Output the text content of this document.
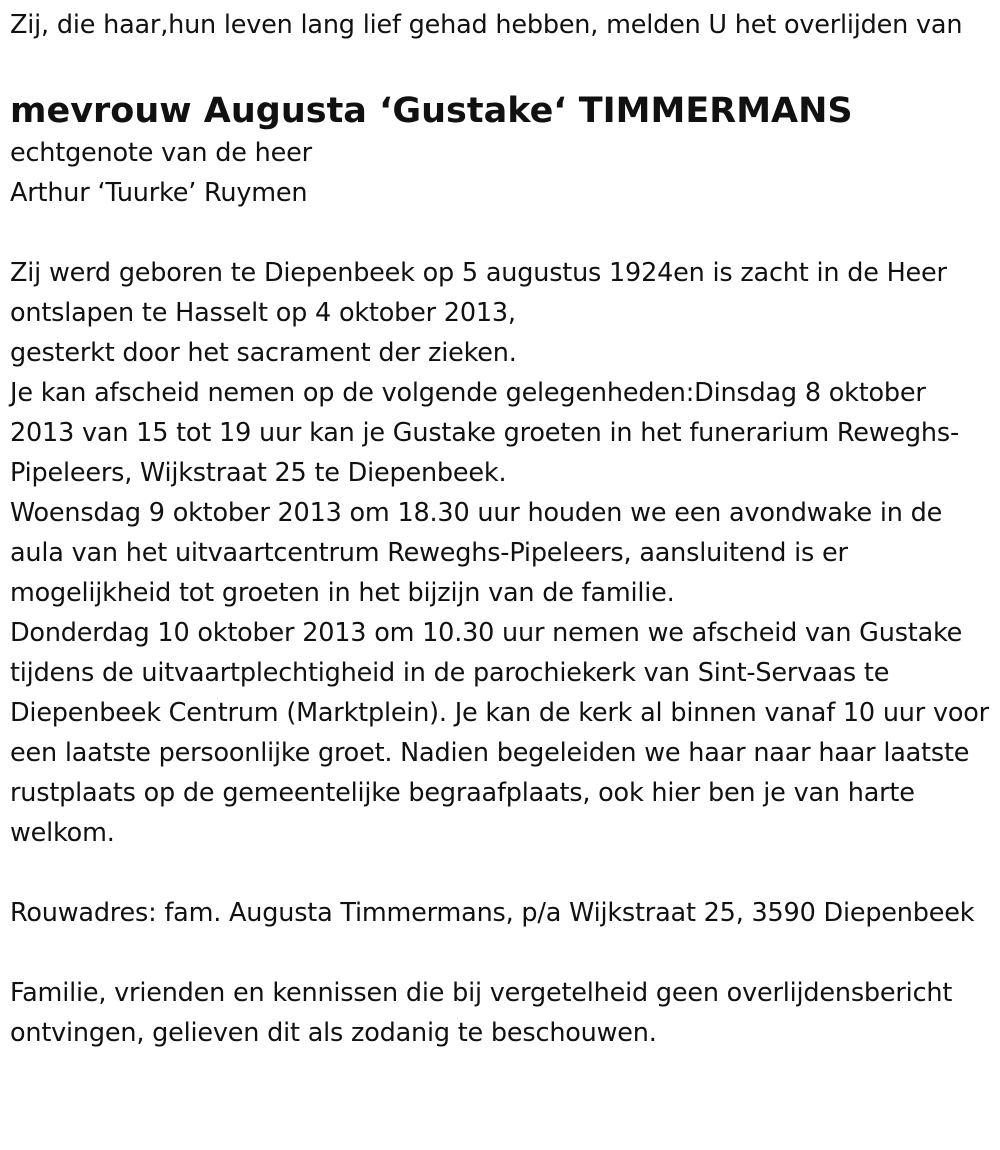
Zij, die haar,hun leven lang lief gehad hebben, melden U het overlijden van

mevrouw Augusta ‘Gustake‘ TIMMERMANS

echtgenote van de heer

Arthur ‘Tuurke’ Ruymen

Zij werd geboren te Diepenbeek op 5 augustus 1924en is zacht in de Heer ontslapen te Hasselt op 4 oktober 2013,

gesterkt door het sacrament der zieken.

Je kan afscheid nemen op de volgende gelegenheden:Dinsdag 8 oktober 2013 van 15 tot 19 uur kan je Gustake groeten in het funerarium Reweghs-Pipeleers, Wijkstraat 25 te Diepenbeek.

Woensdag 9 oktober 2013 om 18.30 uur houden we een avondwake in de aula van het uitvaartcentrum Reweghs-Pipeleers, aansluitend is er mogelijkheid tot groeten in het bijzijn van de familie.

Donderdag 10 oktober 2013 om 10.30 uur nemen we afscheid van Gustake tijdens de uitvaartplechtigheid in de parochiekerk van Sint-Servaas te Diepenbeek Centrum (Marktplein). Je kan de kerk al binnen vanaf 10 uur voor een laatste persoonlijke groet. Nadien begeleiden we haar naar haar laatste rustplaats op de gemeentelijke begraafplaats, ook hier ben je van harte welkom.

Rouwadres: fam. Augusta Timmermans, p/a Wijkstraat 25, 3590 Diepenbeek

Familie, vrienden en kennissen die bij vergetelheid geen overlijdensbericht ontvingen, gelieven dit als zodanig te beschouwen.
